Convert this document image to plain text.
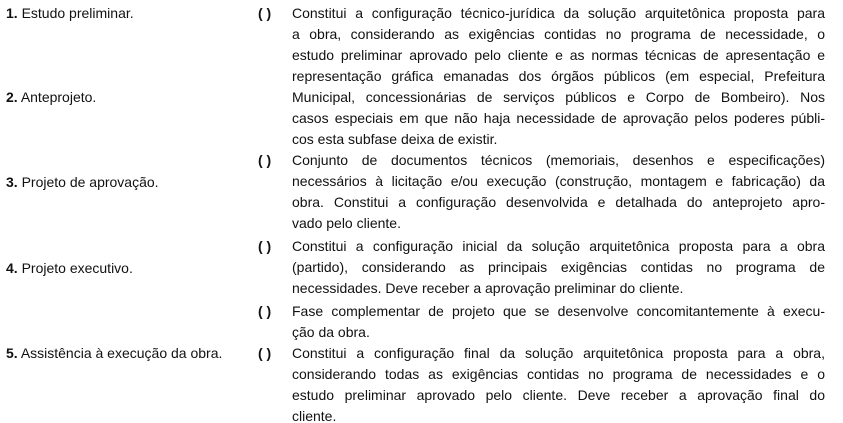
1. Estudo preliminar.
2. Anteprojeto.
3. Projeto de aprovação.
4. Projeto executivo.
5. Assistência à execução da obra.
( )
( )
( )
( )
( )
Constitui a configuração técnico-jurídica da solução arquitetônica proposta para
a obra, considerando as exigências contidas no programa de necessidade, o
estudo preliminar aprovado pelo cliente e as normas técnicas de apresentação e
representação gráfica emanadas dos órgãos públicos (em especial, Prefeitura
Municipal, concessionárias de serviços públicos e Corpo de Bombeiro). Nos
casos especiais em que não haja necessidade de aprovação pelos poderes públi-
cos esta subfase deixa de existir.
Conjunto de documentos técnicos (memoriais, desenhos e especificações)
necessários à licitação e/ou execução (construção, montagem e fabricação) da
obra. Constitui a configuração desenvolvida e detalhada do anteprojeto apro-
vado pelo cliente.
Constitui a configuração inicial da solução arquitetônica proposta para a obra
(partido), considerando as principais exigências contidas no programa de
necessidades. Deve receber a aprovação preliminar do cliente.
Fase complementar de projeto que se desenvolve concomitantemente à execu-
ção da obra.
Constitui a configuração final da solução arquitetônica proposta para a obra,
considerando todas as exigências contidas no programa de necessidades e o
estudo preliminar aprovado pelo cliente. Deve receber a aprovação final do
cliente.
